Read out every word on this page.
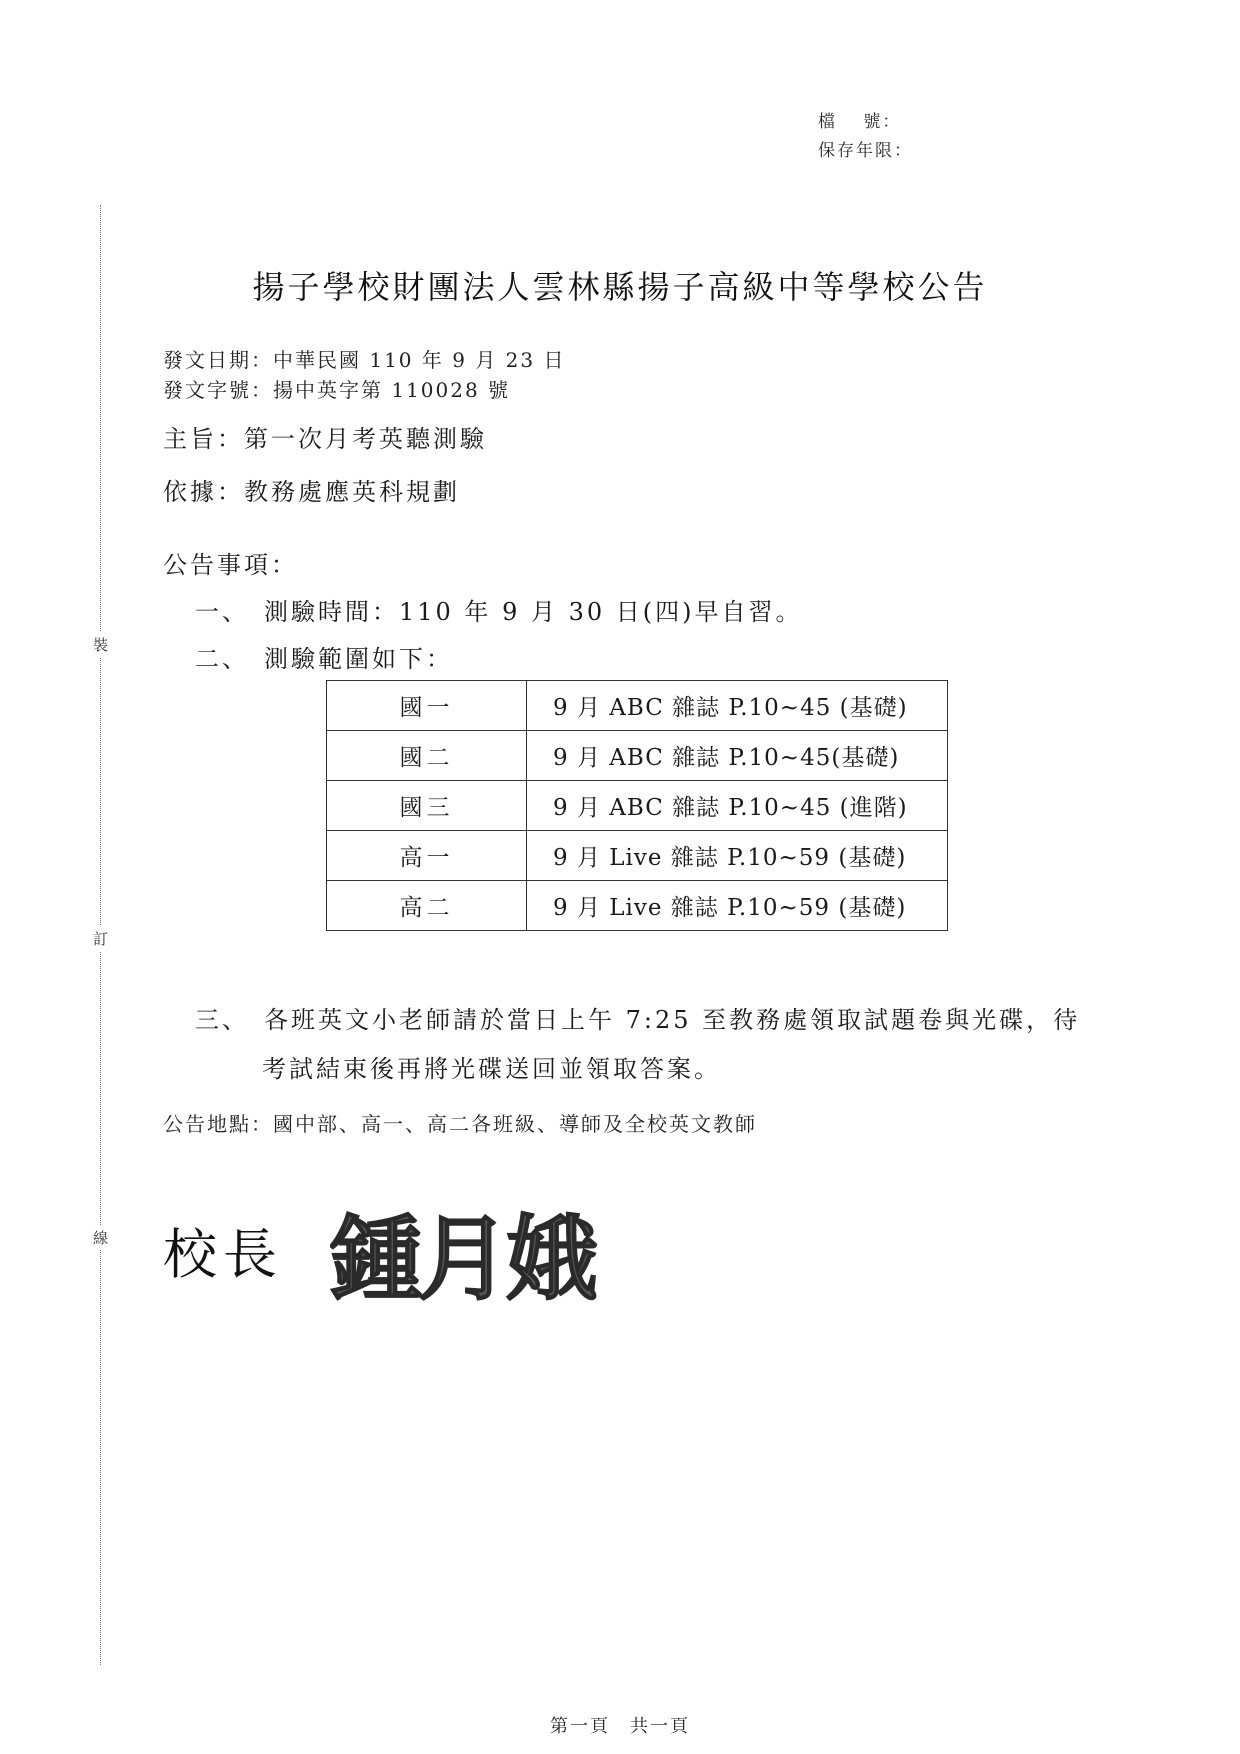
檔　 號：
保存年限：
裝
訂
線
揚子學校財團法人雲林縣揚子高級中等學校公告
發文日期：中華民國 110 年 9 月 23 日
發文字號：揚中英字第 110028 號
主旨：第一次月考英聽測驗
依據：教務處應英科規劃
公告事項：
一、　測驗時間：110 年 9 月 30 日(四)早自習。
二、　測驗範圍如下：
國一	9 月 ABC 雜誌 P.10~45 (基礎)
國二	9 月 ABC 雜誌 P.10~45(基礎)
國三	9 月 ABC 雜誌 P.10~45 (進階)
高一	9 月 Live 雜誌 P.10~59 (基礎)
高二	9 月 Live 雜誌 P.10~59 (基礎)
三、　各班英文小老師請於當日上午 7:25 至教務處領取試題卷與光碟，待
考試結束後再將光碟送回並領取答案。
公告地點：國中部、高一、高二各班級、導師及全校英文教師
校長 鍾月娥
第一頁　共一頁
